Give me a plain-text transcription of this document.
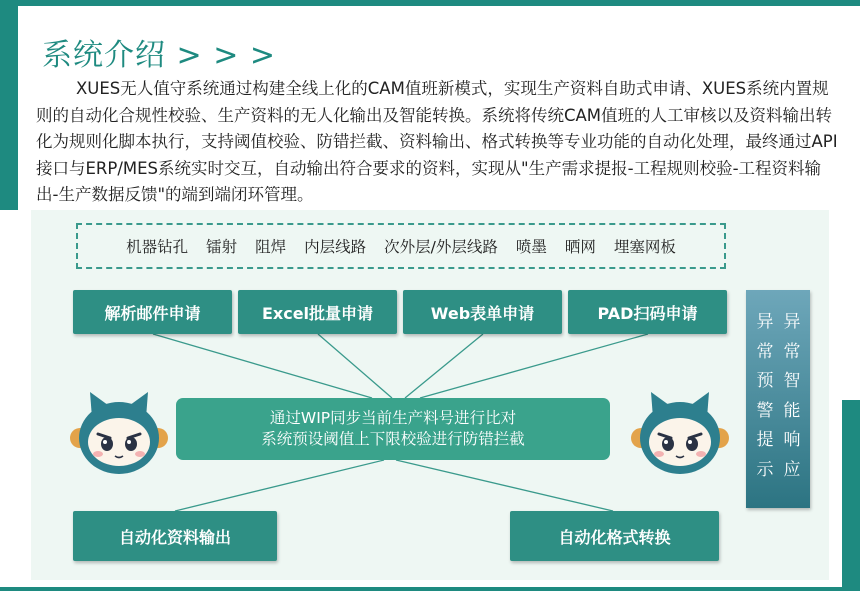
系统介绍 > > >

XUES无人值守系统通过构建全线上化的CAM值班新模式，实现生产资料自助式申请、XUES系统内置规则的自动化合规性校验、生产资料的无人化输出及智能转换。系统将传统CAM值班的人工审核以及资料输出转化为规则化脚本执行，支持阈值校验、防错拦截、资料输出、格式转换等专业功能的自动化处理，最终通过API接口与ERP/MES系统实时交互，自动输出符合要求的资料，实现从"生产需求提报-工程规则校验-工程资料输出-生产数据反馈"的端到端闭环管理。

机器钻孔 镭射 阻焊 内层线路 次外层/外层线路 喷墨 晒网 埋塞网板
解析邮件申请	Excel批量申请	Web表单申请	PAD扫码申请
通过WIP同步当前生产料号进行比对
系统预设阈值上下限校验进行防错拦截
自动化资料输出	自动化格式转换
异常预警提示
异常智能响应
